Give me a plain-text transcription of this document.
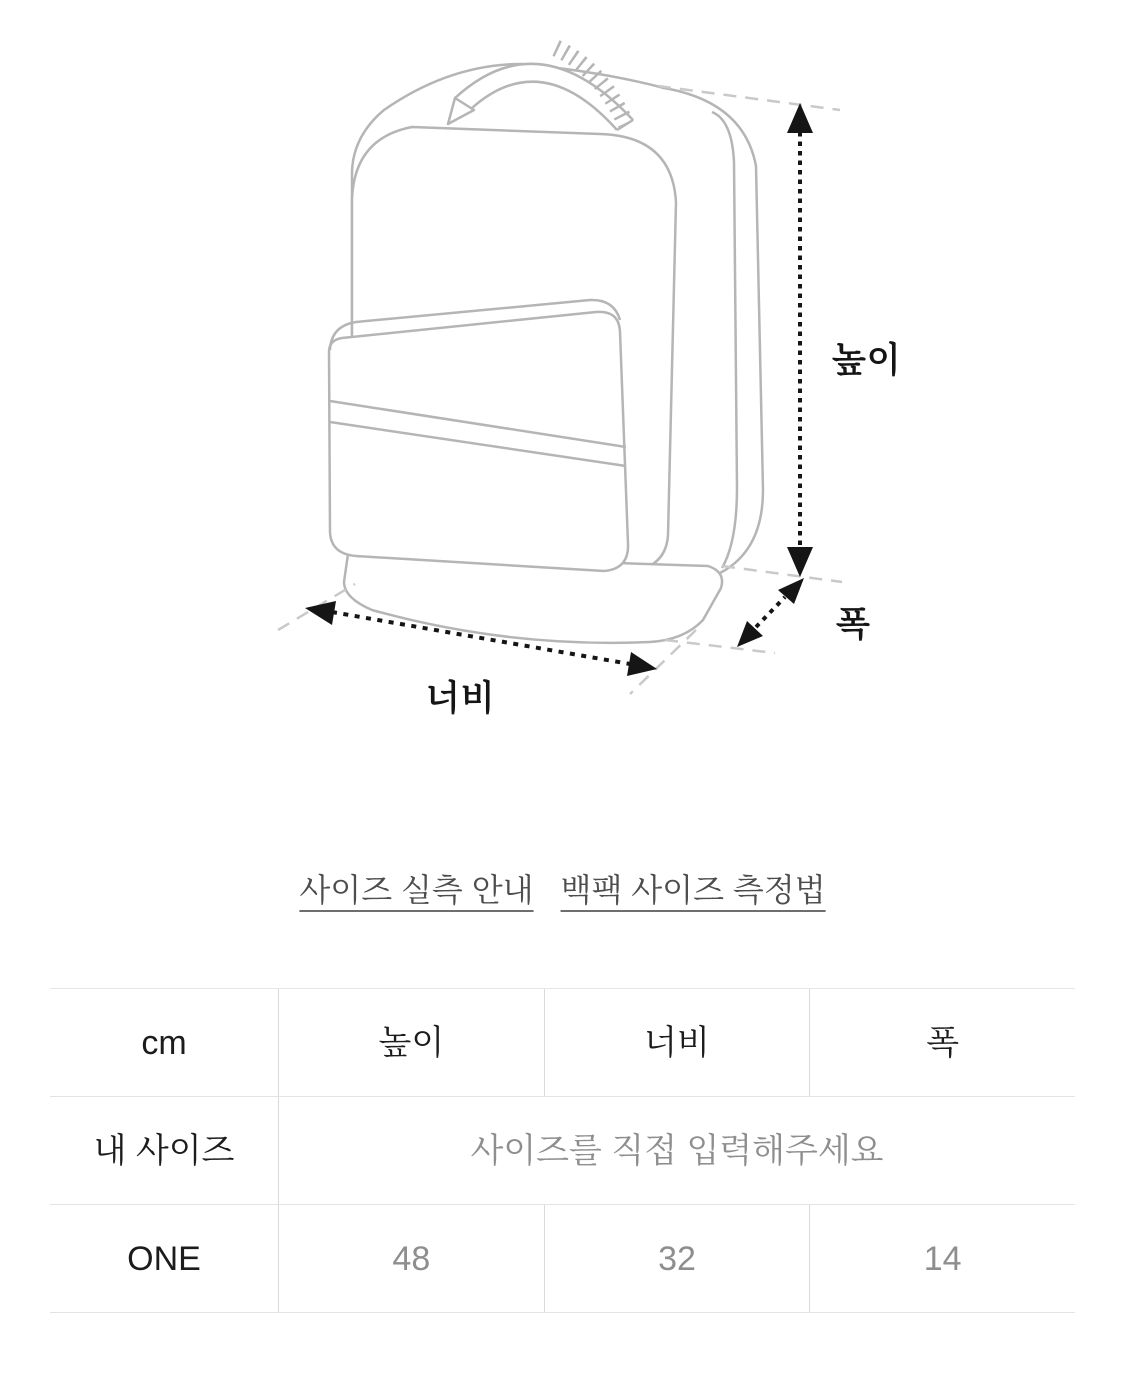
높이
너비
폭
사이즈 실측 안내 백팩 사이즈 측정법
cm	높이	너비	폭
내 사이즈	사이즈를 직접 입력해주세요
ONE	48	32	14
